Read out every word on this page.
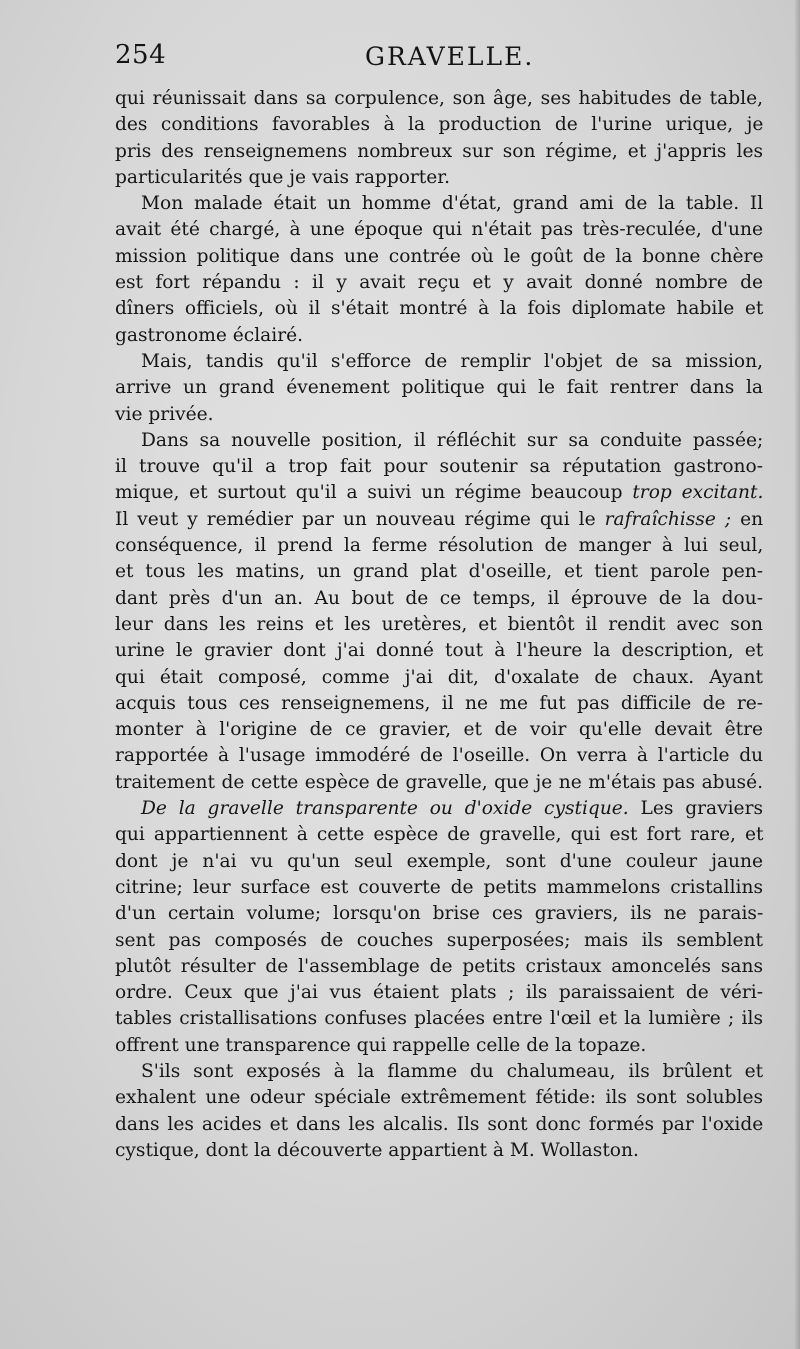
254	GRAVELLE.
qui réunissait dans sa corpulence, son âge, ses habitudes de table,
des conditions favorables à la production de l'urine urique, je
pris des renseignemens nombreux sur son régime, et j'appris les
particularités que je vais rapporter.
Mon malade était un homme d'état, grand ami de la table. Il
avait été chargé, à une époque qui n'était pas très-reculée, d'une
mission politique dans une contrée où le goût de la bonne chère
est fort répandu : il y avait reçu et y avait donné nombre de
dîners officiels, où il s'était montré à la fois diplomate habile et
gastronome éclairé.
Mais, tandis qu'il s'efforce de remplir l'objet de sa mission,
arrive un grand évenement politique qui le fait rentrer dans la
vie privée.
Dans sa nouvelle position, il réfléchit sur sa conduite passée;
il trouve qu'il a trop fait pour soutenir sa réputation gastrono-
mique, et surtout qu'il a suivi un régime beaucoup trop excitant.
Il veut y remédier par un nouveau régime qui le rafraîchisse ; en
conséquence, il prend la ferme résolution de manger à lui seul,
et tous les matins, un grand plat d'oseille, et tient parole pen-
dant près d'un an. Au bout de ce temps, il éprouve de la dou-
leur dans les reins et les uretères, et bientôt il rendit avec son
urine le gravier dont j'ai donné tout à l'heure la description, et
qui était composé, comme j'ai dit, d'oxalate de chaux. Ayant
acquis tous ces renseignemens, il ne me fut pas difficile de re-
monter à l'origine de ce gravier, et de voir qu'elle devait être
rapportée à l'usage immodéré de l'oseille. On verra à l'article du
traitement de cette espèce de gravelle, que je ne m'étais pas abusé.
De la gravelle transparente ou d'oxide cystique. Les graviers
qui appartiennent à cette espèce de gravelle, qui est fort rare, et
dont je n'ai vu qu'un seul exemple, sont d'une couleur jaune
citrine; leur surface est couverte de petits mammelons cristallins
d'un certain volume; lorsqu'on brise ces graviers, ils ne parais-
sent pas composés de couches superposées; mais ils semblent
plutôt résulter de l'assemblage de petits cristaux amoncelés sans
ordre. Ceux que j'ai vus étaient plats ; ils paraissaient de véri-
tables cristallisations confuses placées entre l'œil et la lumière ; ils
offrent une transparence qui rappelle celle de la topaze.
S'ils sont exposés à la flamme du chalumeau, ils brûlent et
exhalent une odeur spéciale extrêmement fétide: ils sont solubles
dans les acides et dans les alcalis. Ils sont donc formés par l'oxide
cystique, dont la découverte appartient à M. Wollaston.
